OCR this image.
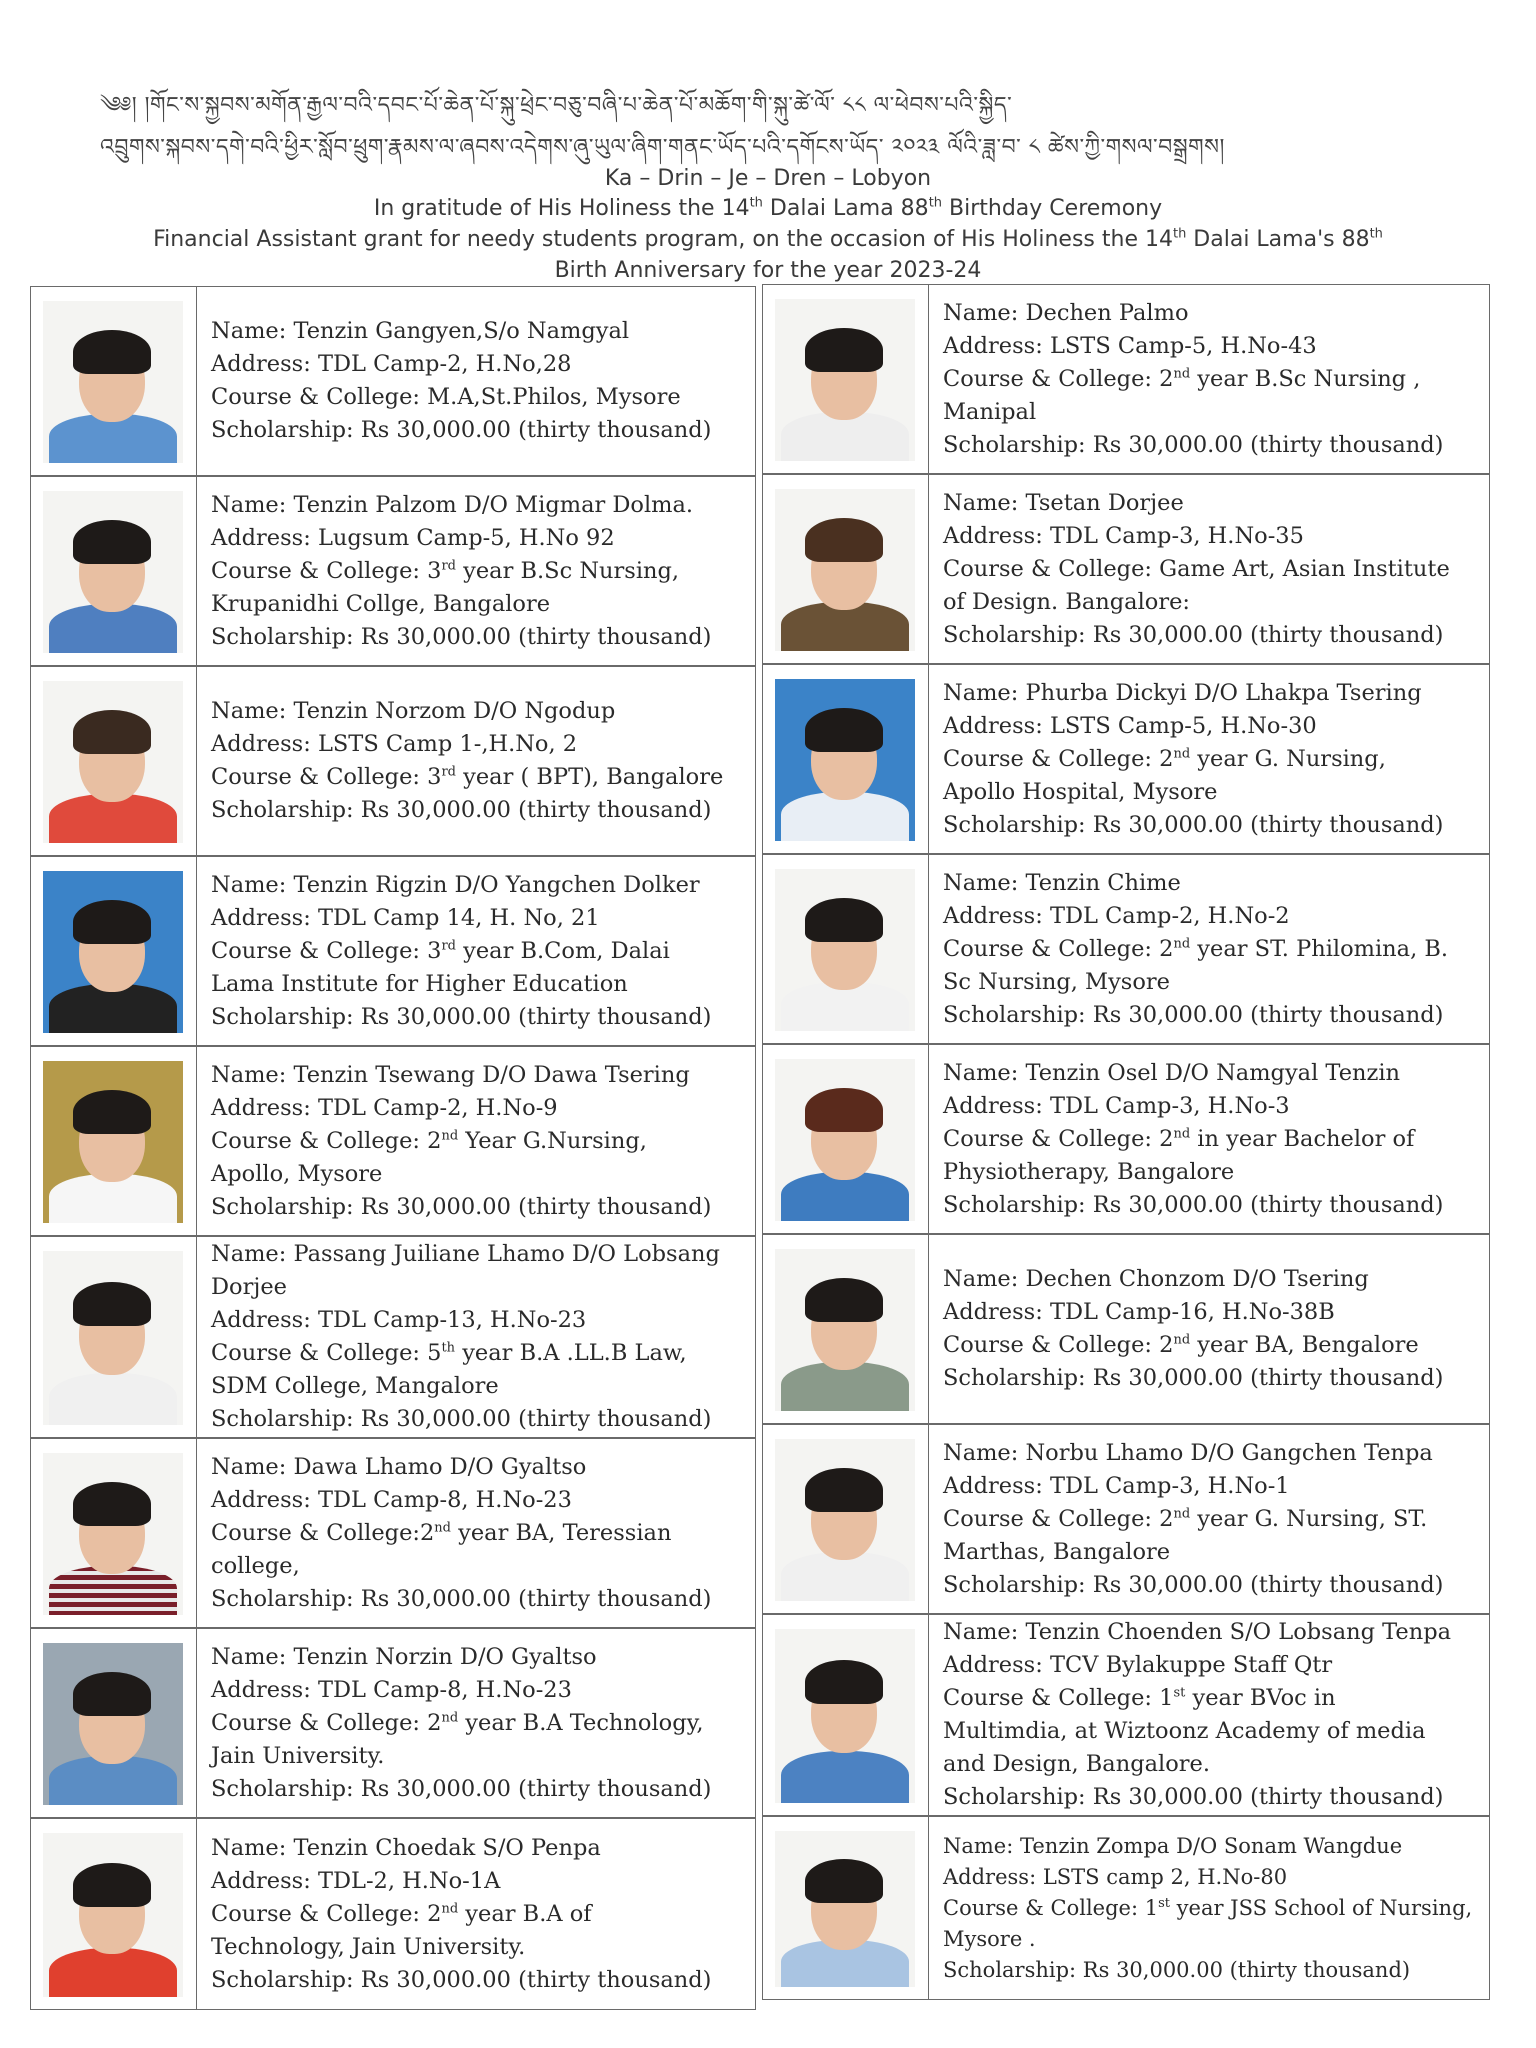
༄༅། །གོང་ས་སྐྱབས་མགོན་རྒྱལ་བའི་དབང་པོ་ཆེན་པོ་སྐུ་ཕྲེང་བཅུ་བཞི་པ་ཆེན་པོ་མཆོག་གི་སྐུ་ཚེ་ལོ་ ༨༨ ལ་ཕེབས་པའི་སྐྱིད་
འབྲུགས་སྐབས་དགེ་བའི་ཕྱིར་སློབ་ཕྲུག་རྣམས་ལ་ཞབས་འདེགས་ཞུ་ཡུལ་ཞིག་གནང་ཡོད་པའི་དགོངས་ཡོད་ ༢༠༢༣ ལོའི་ཟླ་བ་ ༨ ཚེས་ཀྱི་གསལ་བསྒྲགས།
Ka – Drin – Je – Dren – Lobyon
In gratitude of His Holiness the 14th Dalai Lama 88th Birthday Ceremony
Financial Assistant grant for needy students program, on the occasion of His Holiness the 14th Dalai Lama's 88th
Birth Anniversary for the year 2023-24
Name: Tenzin Gangyen,S/o Namgyal
Address: TDL Camp-2, H.No,28
Course & College: M.A,St.Philos, Mysore
Scholarship: Rs 30,000.00 (thirty thousand)
Name: Tenzin Palzom D/O Migmar Dolma.
Address: Lugsum Camp-5, H.No 92
Course & College: 3rd year B.Sc Nursing,
Krupanidhi Collge, Bangalore
Scholarship: Rs 30,000.00 (thirty thousand)
Name: Tenzin Norzom D/O Ngodup
Address: LSTS Camp 1-,H.No, 2
Course & College: 3rd year ( BPT), Bangalore
Scholarship: Rs 30,000.00 (thirty thousand)
Name: Tenzin Rigzin D/O Yangchen Dolker
Address: TDL Camp 14, H. No, 21
Course & College: 3rd year B.Com, Dalai
Lama Institute for Higher Education
Scholarship: Rs 30,000.00 (thirty thousand)
Name: Tenzin Tsewang D/O Dawa Tsering
Address: TDL Camp-2, H.No-9
Course & College: 2nd Year G.Nursing,
Apollo, Mysore
Scholarship: Rs 30,000.00 (thirty thousand)
Name: Passang Juiliane Lhamo D/O Lobsang
Dorjee
Address: TDL Camp-13, H.No-23
Course & College: 5th year B.A .LL.B Law,
SDM College, Mangalore
Scholarship: Rs 30,000.00 (thirty thousand)
Name: Dawa Lhamo D/O Gyaltso
Address: TDL Camp-8, H.No-23
Course & College:2nd year BA, Teressian
college,
Scholarship: Rs 30,000.00 (thirty thousand)
Name: Tenzin Norzin D/O Gyaltso
Address: TDL Camp-8, H.No-23
Course & College: 2nd year B.A Technology,
Jain University.
Scholarship: Rs 30,000.00 (thirty thousand)
Name: Tenzin Choedak S/O Penpa
Address: TDL-2, H.No-1A
Course & College: 2nd year B.A of
Technology, Jain University.
Scholarship: Rs 30,000.00 (thirty thousand)
Name: Dechen Palmo
Address: LSTS Camp-5, H.No-43
Course & College: 2nd year B.Sc Nursing ,
Manipal
Scholarship: Rs 30,000.00 (thirty thousand)
Name: Tsetan Dorjee
Address: TDL Camp-3, H.No-35
Course & College: Game Art, Asian Institute
of Design. Bangalore:
Scholarship: Rs 30,000.00 (thirty thousand)
Name: Phurba Dickyi D/O Lhakpa Tsering
Address: LSTS Camp-5, H.No-30
Course & College: 2nd year G. Nursing,
Apollo Hospital, Mysore
Scholarship: Rs 30,000.00 (thirty thousand)
Name: Tenzin Chime
Address: TDL Camp-2, H.No-2
Course & College: 2nd year ST. Philomina, B.
Sc Nursing, Mysore
Scholarship: Rs 30,000.00 (thirty thousand)
Name: Tenzin Osel D/O Namgyal Tenzin
Address: TDL Camp-3, H.No-3
Course & College: 2nd in year Bachelor of
Physiotherapy, Bangalore
Scholarship: Rs 30,000.00 (thirty thousand)
Name: Dechen Chonzom D/O Tsering
Address: TDL Camp-16, H.No-38B
Course & College: 2nd year BA, Bengalore
Scholarship: Rs 30,000.00 (thirty thousand)
Name: Norbu Lhamo D/O Gangchen Tenpa
Address: TDL Camp-3, H.No-1
Course & College: 2nd year G. Nursing, ST.
Marthas, Bangalore
Scholarship: Rs 30,000.00 (thirty thousand)
Name: Tenzin Choenden S/O Lobsang Tenpa
Address: TCV Bylakuppe Staff Qtr
Course & College: 1st year BVoc in
Multimdia, at Wiztoonz Academy of media
and Design, Bangalore.
Scholarship: Rs 30,000.00 (thirty thousand)
Name: Tenzin Zompa D/O Sonam Wangdue
Address: LSTS camp 2, H.No-80
Course & College: 1st year JSS School of Nursing,
Mysore .
Scholarship: Rs 30,000.00 (thirty thousand)
